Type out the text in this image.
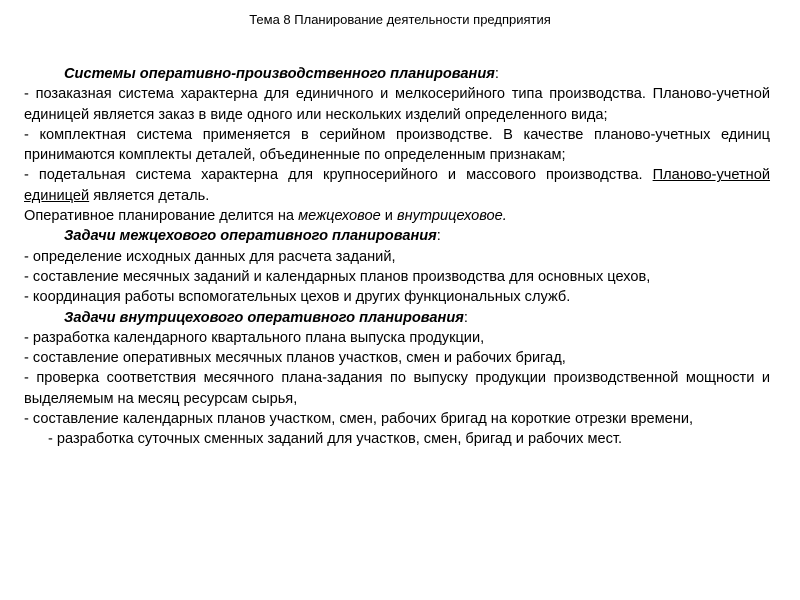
Тема 8 Планирование деятельности предприятия

Системы оперативно-производственного планирования:

- позаказная система характерна для единичного и мелкосерийного типа производства. Планово-учетной единицей является заказ в виде одного или нескольких изделий определенного вида;

- комплектная система применяется в серийном производстве. В качестве планово-учетных единиц принимаются комплекты деталей, объединенные по определенным признакам;

- подетальная система характерна для крупносерийного и массового производства. Планово-учетной единицей является деталь.

Оперативное планирование делится на межцеховое и внутрицеховое.

Задачи межцехового оперативного планирования:

- определение исходных данных для расчета заданий,

- составление месячных заданий и календарных планов производства для основных цехов,

- координация работы вспомогательных цехов и других функциональных служб.

Задачи внутрицехового оперативного планирования:

- разработка календарного квартального плана выпуска продукции,

- составление оперативных месячных планов участков, смен и рабочих бригад,

- проверка соответствия месячного плана-задания по выпуску продукции производственной мощности и выделяемым на месяц ресурсам сырья,

- составление календарных планов участком, смен, рабочих бригад на короткие отрезки времени,

- разработка суточных сменных заданий для участков, смен, бригад и рабочих мест.
